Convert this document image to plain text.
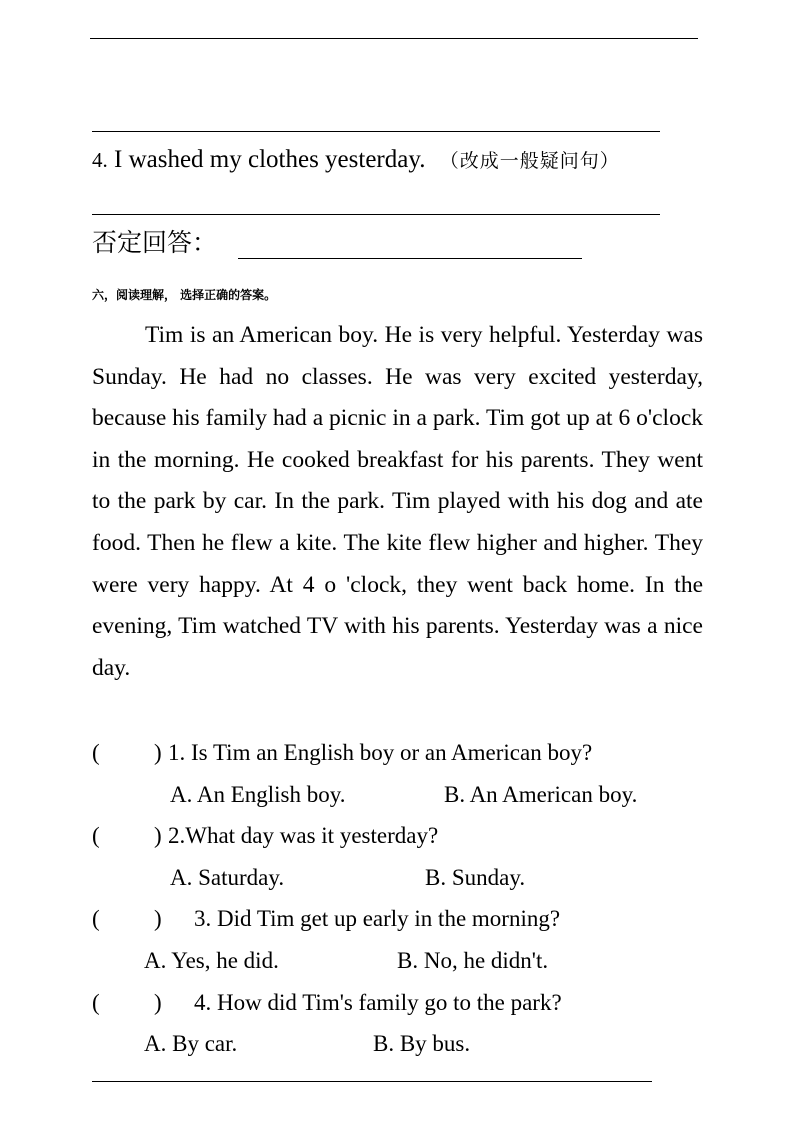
4. I washed my clothes yesterday. （改成一般疑问句）
否定回答：
六，阅读理解， 选择正确的答案。

Tim is an American boy. He is very helpful. Yesterday was Sunday. He had no classes. He was very excited yesterday, because his family had a picnic in a park. Tim got up at 6 o'clock in the morning. He cooked breakfast for his parents. They went to the park by car. In the park. Tim played with his dog and ate food. Then he flew a kite. The kite flew higher and higher. They were very happy. At 4 o 'clock, they went back home. In the evening, Tim watched TV with his parents. Yesterday was a nice day.

( ) 1. Is Tim an English boy or an American boy?
A. An English boy.	B. An American boy.
( ) 2.What day was it yesterday?
A. Saturday.	B. Sunday.
( ) 3. Did Tim get up early in the morning?
A. Yes, he did.	B. No, he didn't.
( ) 4. How did Tim's family go to the park?
A. By car.	B. By bus.
